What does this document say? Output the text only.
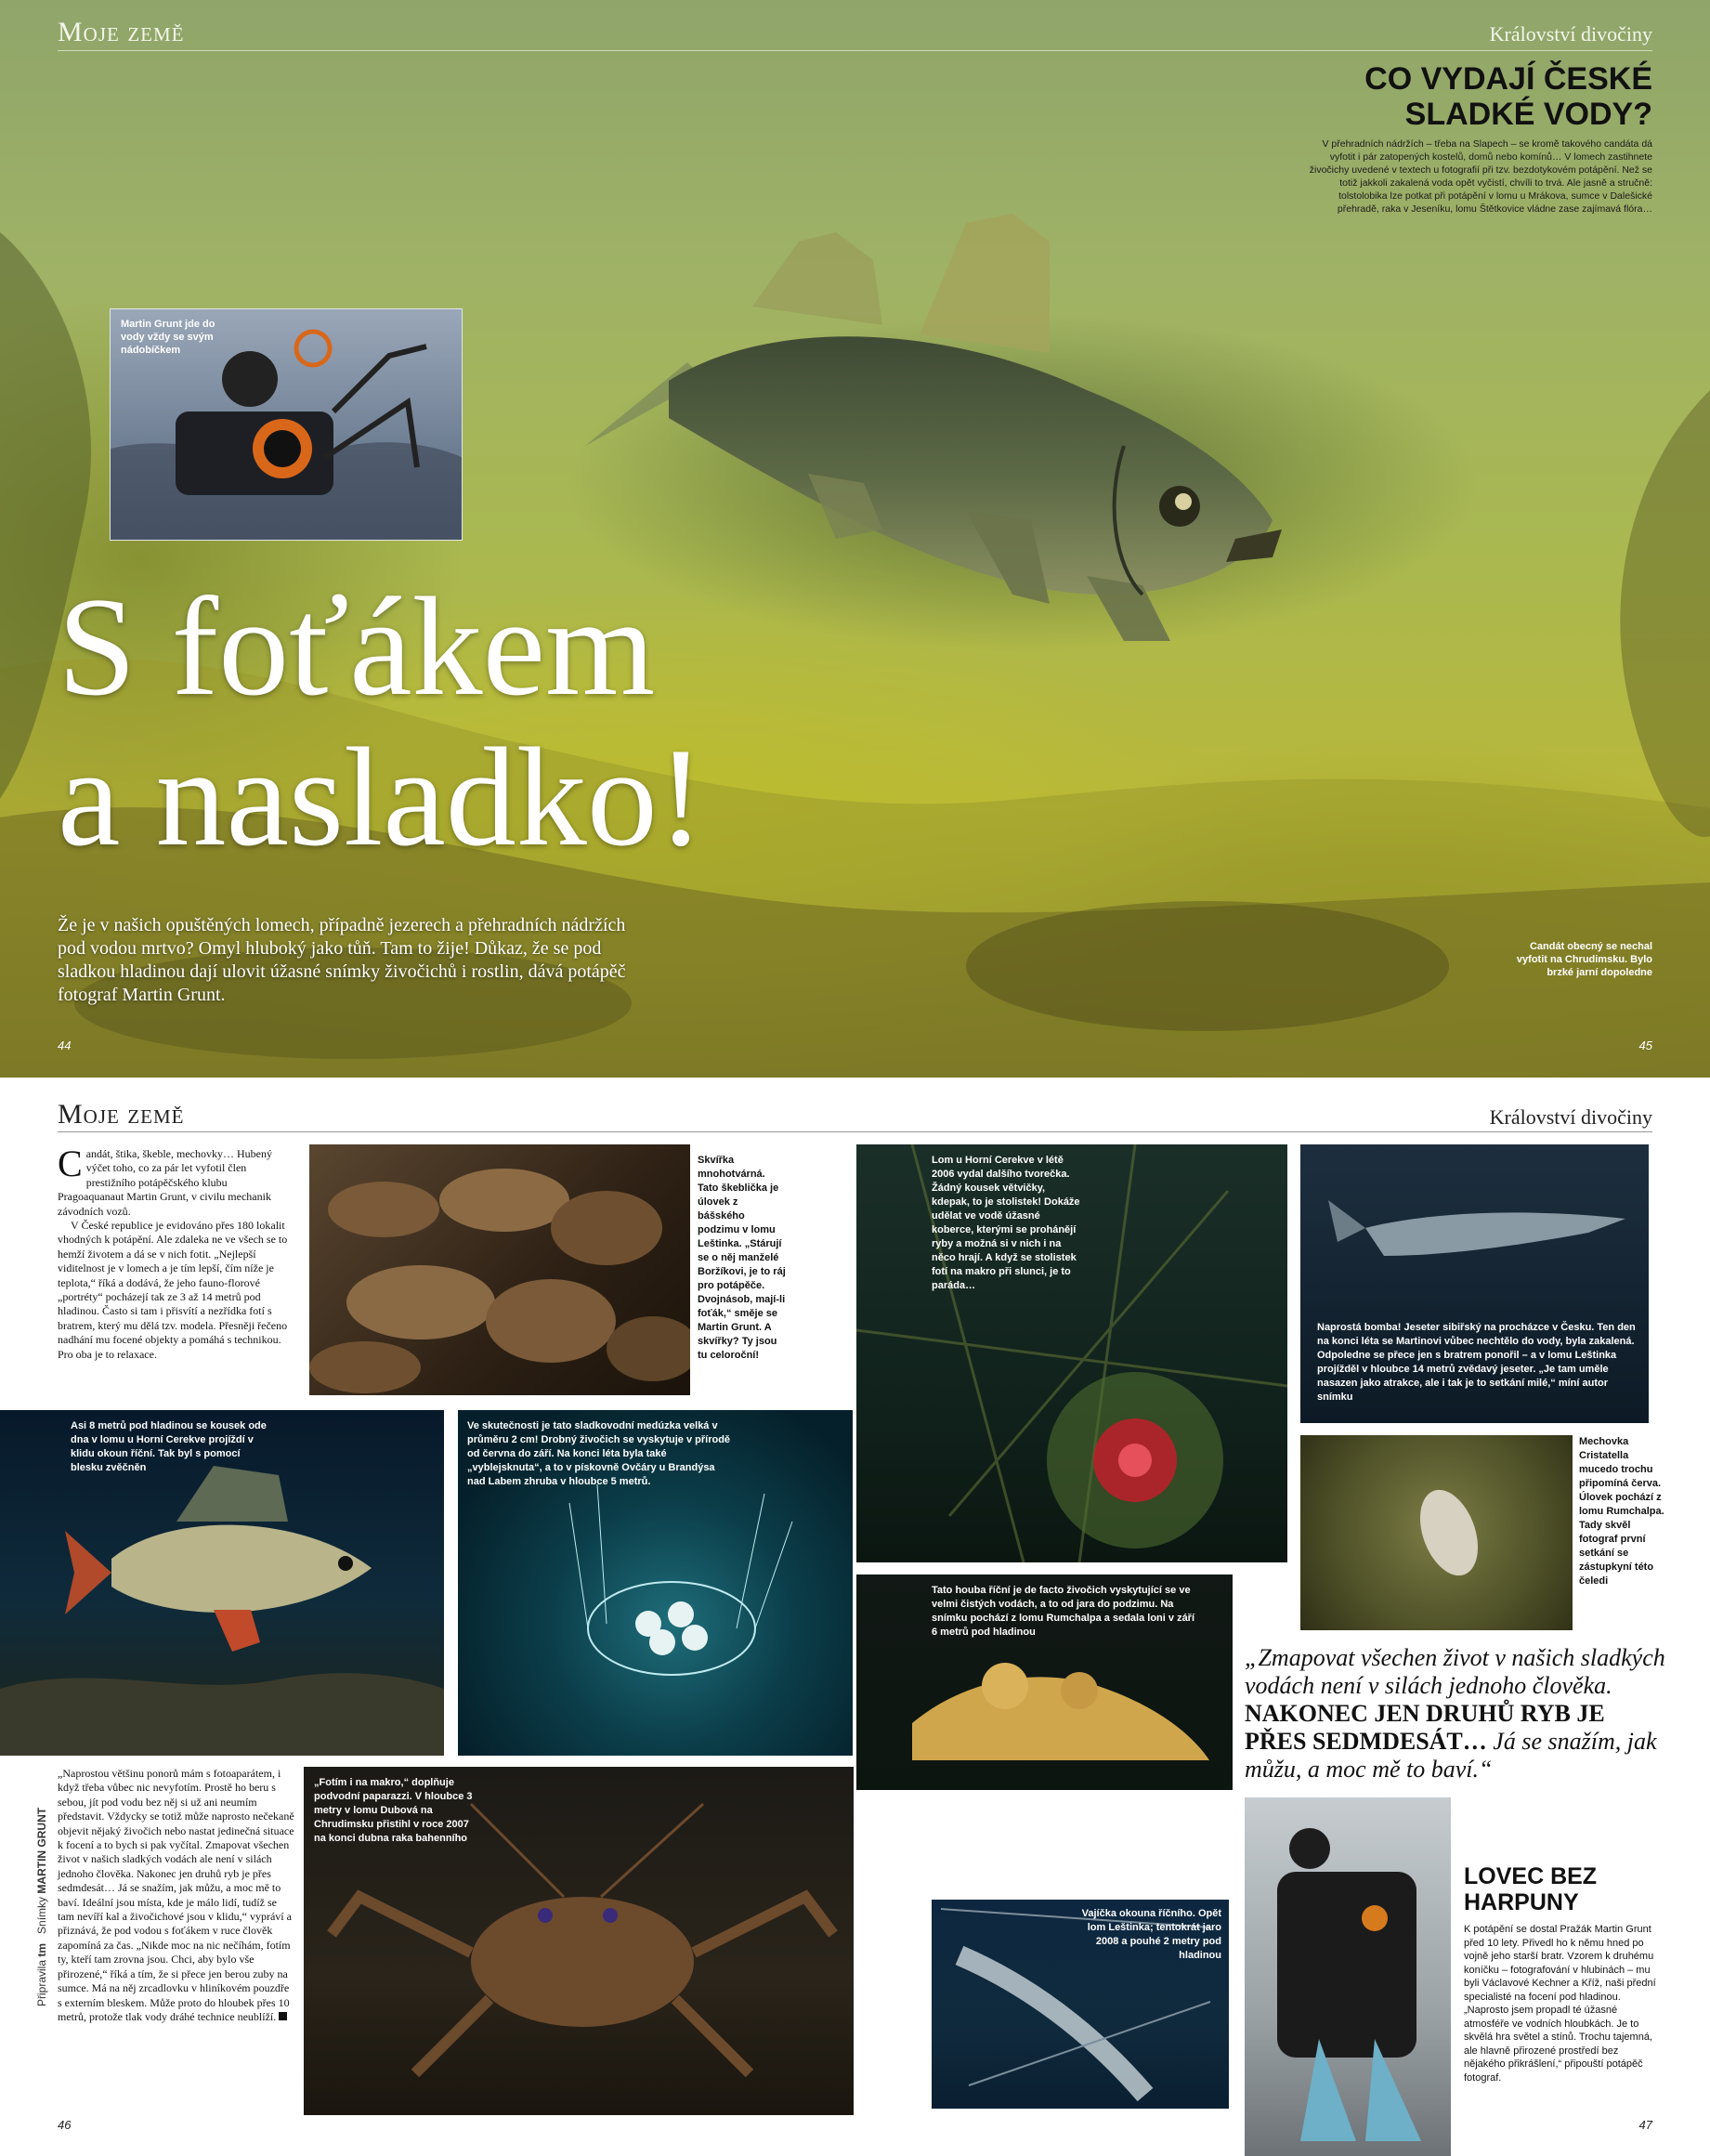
Moje země	Království divočiny
Martin Grunt jde do vody vždy se svým nádobíčkem
CO VYDAJÍ ČESKÉ SLADKÉ VODY?
V přehradních nádržích – třeba na Slapech – se kromě takového candáta dá vyfotit i pár zatopených kostelů, domů nebo komínů… V lomech zastihnete živočichy uvedené v textech u fotografií při tzv. bezdotykovém potápění. Než se totiž jakkoli zakalená voda opět vyčistí, chvíli to trvá. Ale jasně a stručně: tolstolobika lze potkat při potápění v lomu u Mrákova, sumce v Dalešické přehradě, raka v Jeseníku, lomu Štětkovice vládne zase zajímavá flóra…
S foťákem
a nasladko!
Že je v našich opuštěných lomech, případně jezerech a přehradních nádržích pod vodou mrtvo? Omyl hluboký jako tůň. Tam to žije! Důkaz, že se pod sladkou hladinou dají ulovit úžasné snímky živočichů i rostlin, dává potápěč fotograf Martin Grunt.
Candát obecný se nechal vyfotit na Chrudimsku. Bylo brzké jarní dopoledne
44	45
Moje země	Království divočiny

Candát, štika, škeble, mechovky… Hubený výčet toho, co za pár let vyfotil člen prestižního potápěčského klubu Pragoaquanaut Martin Grunt, v civilu mechanik závodních vozů.

V České republice je evidováno přes 180 lokalit vhodných k potápění. Ale zdaleka ne ve všech se to hemží životem a dá se v nich fotit. „Nejlepší viditelnost je v lomech a je tím lepší, čím níže je teplota,“ říká a dodává, že jeho fauno-florové „portréty“ pocházejí tak ze 3 až 14 metrů pod hladinou. Často si tam i přisvítí a nezřídka fotí s bratrem, který mu dělá tzv. modela. Přesněji řečeno nadhání mu focené objekty a pomáhá s technikou. Pro oba je to relaxace.

Skvířka mnohotvárná. Tato škeblička je úlovek z bášského podzimu v lomu Leštinka. „Stárují se o něj manželé Boržíkovi, je to ráj pro potápěče. Dvojnásob, mají-li foťák,“ směje se Martin Grunt. A skvířky? Ty jsou tu celoroční!
Asi 8 metrů pod hladinou se kousek ode dna v lomu u Horní Cerekve projíždí v klidu okoun říční. Tak byl s pomocí blesku zvěčněn
Ve skutečnosti je tato sladkovodní medúzka velká v průměru 2 cm! Drobný živočich se vyskytuje v přírodě od června do září. Na konci léta byla také „vyblejsknuta“, a to v pískovně Ovčáry u Brandýsa nad Labem zhruba v hloubce 5 metrů.
Lom u Horní Cerekve v létě 2006 vydal dalšího tvorečka. Žádný kousek větvičky, kdepak, to je stolistek! Dokáže udělat ve vodě úžasné koberce, kterými se prohánějí ryby a možná si v nich i na něco hrají. A když se stolistek fotí na makro při slunci, je to paráda…
Naprostá bomba! Jeseter sibiřský na procházce v Česku. Ten den na konci léta se Martinovi vůbec nechtělo do vody, byla zakalená. Odpoledne se přece jen s bratrem ponořil – a v lomu Leštinka projížděl v hloubce 14 metrů zvědavý jeseter. „Je tam uměle nasazen jako atrakce, ale i tak je to setkání milé,“ míní autor snímku
Mechovka Cristatella mucedo trochu připomíná červa. Úlovek pochází z lomu Rumchalpa. Tady skvěl fotograf první setkání se zástupkyní této čeledi
Tato houba říční je de facto živočich vyskytující se ve velmi čistých vodách, a to od jara do podzimu. Na snímku pochází z lomu Rumchalpa a sedala loni v září 6 metrů pod hladinou
„Zmapovat všechen život v našich sladkých vodách není v silách jednoho člověka. NAKONEC JEN DRUHŮ RYB JE PŘES SEDMDESÁT… Já se snažím, jak můžu, a moc mě to baví.“

„Naprostou většinu ponorů mám s fotoaparátem, i když třeba vůbec nic nevyfotím. Prostě ho beru s sebou, jít pod vodu bez něj si už ani neumím představit. Vždycky se totiž může naprosto nečekaně objevit nějaký živočich nebo nastat jedinečná situace k focení a to bych si pak vyčítal. Zmapovat všechen život v našich sladkých vodách ale není v silách jednoho člověka. Nakonec jen druhů ryb je přes sedmdesát… Já se snažím, jak můžu, a moc mě to baví. Ideální jsou místa, kde je málo lidí, tudíž se tam nevíří kal a živočichové jsou v klidu,“ vypráví a přiznává, že pod vodou s foťákem v ruce člověk zapomíná za čas. „Nikde moc na nic nečíhám, fotím ty, kteří tam zrovna jsou. Chci, aby bylo vše přirozené,“ říká a tím, že si přece jen berou zuby na sumce. Má na něj zrcadlovku v hliníkovém pouzdře s externím bleskem. Může proto do hloubek přes 10 metrů, protože tlak vody dráhé technice neublíží.

„Fotím i na makro,“ doplňuje podvodní paparazzi. V hloubce 3 metry v lomu Dubová na Chrudimsku přistihl v roce 2007 na konci dubna raka bahenního
Vajíčka okouna říčního. Opět lom Leštinka; tentokrát jaro 2008 a pouhé 2 metry pod hladinou
LOVEC BEZ HARPUNY
K potápění se dostal Pražák Martin Grunt před 10 lety. Přivedl ho k němu hned po vojně jeho starší bratr. Vzorem k druhému koníčku – fotografování v hlubinách – mu byli Václavové Kechner a Kříž, naši přední specialisté na focení pod hladinou. „Naprosto jsem propadl té úžasné atmosféře ve vodních hloubkách. Je to skvělá hra světel a stínů. Trochu tajemná, ale hlavně přirozené prostředí bez nějakého přikrášlení,“ připouští potápěč fotograf.
Připravila tm   Snímky MARTIN GRUNT
46	47
